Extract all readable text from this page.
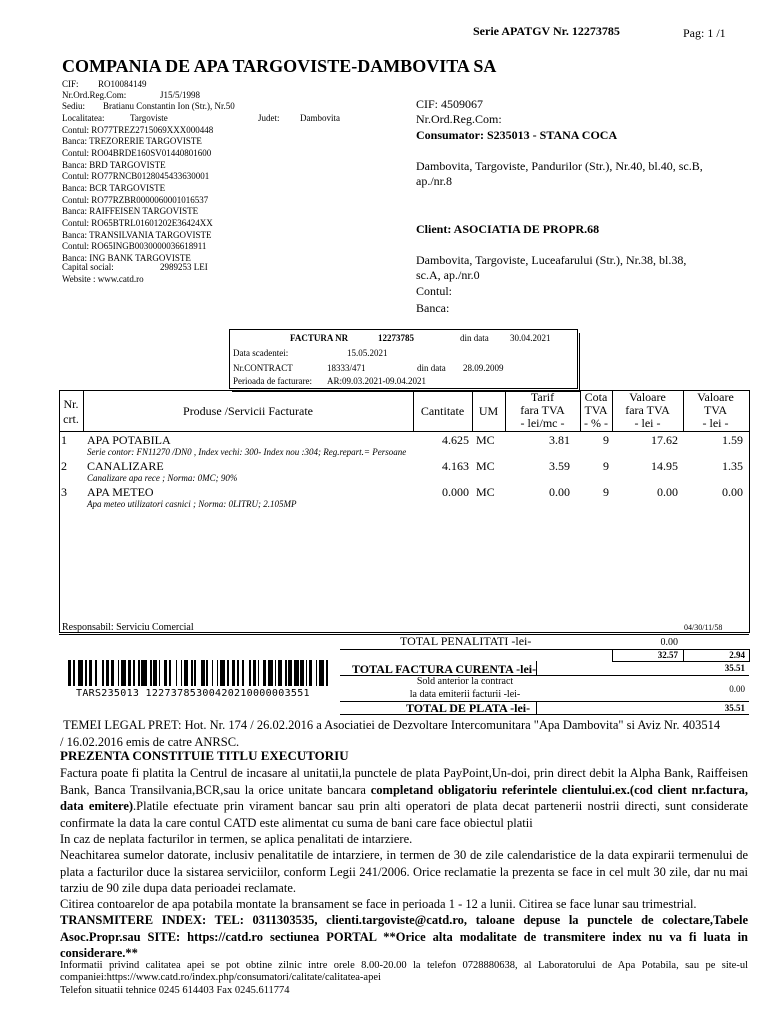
Serie APATGV Nr. 12273785	Pag: 1 /1
COMPANIA DE APA TARGOVISTE-DAMBOVITA SA
CIF: RO10084149
Nr.Ord.Reg.Com:	J15/5/1998
Sediu: Bratianu Constantin Ion (Str.), Nr.50
Localitatea:	Targoviste	Judet: Dambovita
Contul: RO77TREZ2715069XXX000448
Banca: TREZORERIE TARGOVISTE
Contul: RO04BRDE160SV01440801600
Banca: BRD TARGOVISTE
Contul: RO77RNCB0128045433630001
Banca: BCR TARGOVISTE
Contul: RO77RZBR0000060001016537
Banca: RAIFFEISEN TARGOVISTE
Contul: RO65BTRL01601202E36424XX
Banca: TRANSILVANIA TARGOVISTE
Contul: RO65INGB0030000036618911
Banca: ING BANK TARGOVISTE
Capital social:	2989253 LEI
Website : www.catd.ro
CIF: 4509067
Nr.Ord.Reg.Com:
Consumator: S235013 - STANA COCA
Dambovita, Targoviste, Pandurilor (Str.), Nr.40, bl.40, sc.B,
ap./nr.8
Client: ASOCIATIA DE PROPR.68
Dambovita, Targoviste, Luceafarului (Str.), Nr.38, bl.38,
sc.A, ap./nr.0
Contul:
Banca:
FACTURA NR	12273785	din data 30.04.2021
Data scadentei:	15.05.2021
Nr.CONTRACT	18333/471	din data 28.09.2009
Perioada de facturare: AR:09.03.2021-09.04.2021
Nr.
crt.
Produse /Servicii Facturate	Cantitate	UM
Tarif
fara TVA
- lei/mc -
Cota
TVA
- % -
Valoare
fara TVA
- lei -
Valoare
TVA
- lei -
1 APA POTABILA	4.625 MC	3.81	9	17.62	1.59
Serie contor: FN11270 /DN0 , Index vechi: 300- Index nou :304; Reg.repart.= Persoane
2 CANALIZARE	4.163 MC	3.59	9	14.95	1.35
Canalizare apa rece ; Norma: 0MC; 90%
3 APA METEO	0.000 MC	0.00	9	0.00	0.00
Apa meteo utilizatori casnici ; Norma: 0LITRU; 2.105MP
Responsabil: Serviciu Comercial	04/30/11/58
TOTAL PENALITATI -lei-	0.00
32.57	2.94
TOTAL FACTURA CURENTA -lei-	35.51
Sold anterior la contract
la data emiterii facturii -lei-	0.00
TOTAL DE PLATA -lei-	35.51
TARS235013 12273785300420210000003551
TEMEI LEGAL PRET: Hot. Nr. 174 / 26.02.2016 a Asociatiei de Dezvoltare Intercomunitara "Apa Dambovita" si Aviz Nr. 403514
/ 16.02.2016 emis de catre ANRSC.
PREZENTA CONSTITUIE TITLU EXECUTORIU
Factura poate fi platita la Centrul de incasare al unitatii,la punctele de plata PayPoint,Un-doi, prin direct debit la Alpha Bank, Raiffeisen Bank, Banca Transilvania,BCR,sau la orice unitate bancara completand obligatoriu referintele clientului.ex.(cod client nr.factura, data emitere).Platile efectuate prin virament bancar sau prin alti operatori de plata decat partenerii nostrii directi, sunt considerate confirmate la data la care contul CATD este alimentat cu suma de bani care face obiectul platii
In caz de neplata facturilor in termen, se aplica penalitati de intarziere.
Neachitarea sumelor datorate, inclusiv penalitatile de intarziere, in termen de 30 de zile calendaristice de la data expirarii termenului de plata a facturilor duce la sistarea serviciilor, conform Legii 241/2006. Orice reclamatie la prezenta se face in cel mult 30 zile, dar nu mai tarziu de 90 zile dupa data perioadei reclamate.
Citirea contoarelor de apa potabila montate la bransament se face in perioada 1 - 12 a lunii. Citirea se face lunar sau trimestrial.
TRANSMITERE INDEX: TEL: 0311303535, clienti.targoviste@catd.ro, taloane depuse la punctele de colectare,Tabele Asoc.Propr.sau SITE: https://catd.ro sectiunea PORTAL **Orice alta modalitate de transmitere index nu va fi luata in considerare.**
Informatii privind calitatea apei se pot obtine zilnic intre orele 8.00-20.00 la telefon 0728880638, al Laboratorului de Apa Potabila, sau pe site-ul companiei:https://www.catd.ro/index.php/consumatori/calitate/calitatea-apei
Telefon situatii tehnice 0245 614403 Fax 0245.611774
